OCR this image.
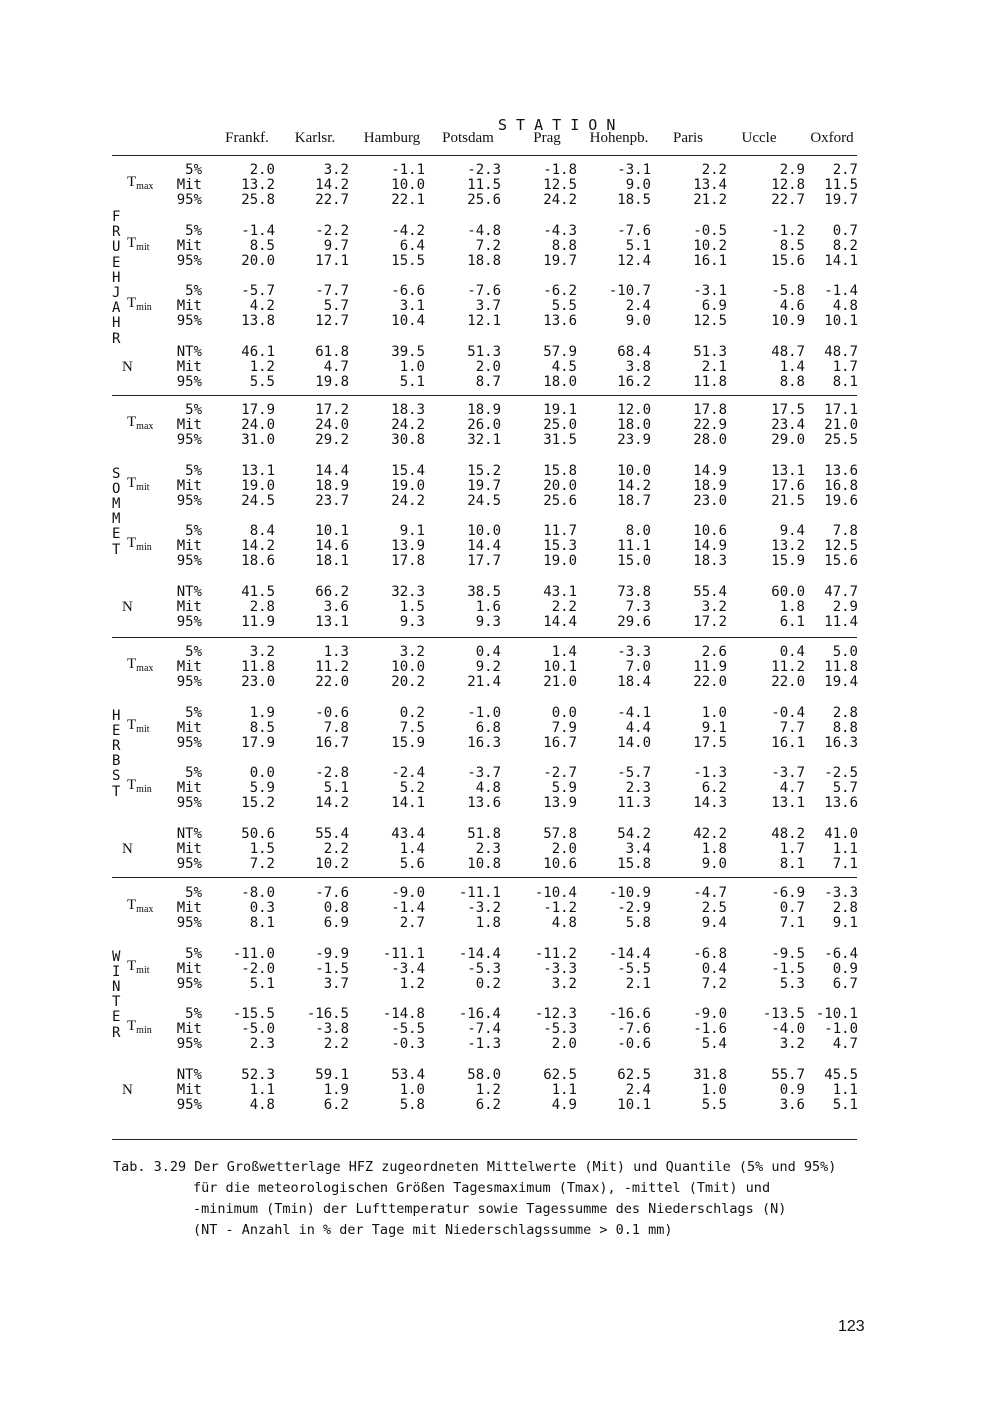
S T A T I O N
Frankf.	Karlsr.	Hamburg	Potsdam	Prag	Hohenpb.	Paris	Uccle	Oxford
$T_{max}$
5%	2.0	3.2	-1.1	-2.3	-1.8	-3.1	2.2	2.9	2.7
Mit	13.2	14.2	10.0	11.5	12.5	9.0	13.4	12.8	11.5
95%	25.8	22.7	22.1	25.6	24.2	18.5	21.2	22.7	19.7
$T_{mit}$
5%	-1.4	-2.2	-4.2	-4.8	-4.3	-7.6	-0.5	-1.2	0.7
Mit	8.5	9.7	6.4	7.2	8.8	5.1	10.2	8.5	8.2
95%	20.0	17.1	15.5	18.8	19.7	12.4	16.1	15.6	14.1
$T_{min}$
5%	-5.7	-7.7	-6.6	-7.6	-6.2	-10.7	-3.1	-5.8	-1.4
Mit	4.2	5.7	3.1	3.7	5.5	2.4	6.9	4.6	4.8
95%	13.8	12.7	10.4	12.1	13.6	9.0	12.5	10.9	10.1
N
NT%	46.1	61.8	39.5	51.3	57.9	68.4	51.3	48.7	48.7
Mit	1.2	4.7	1.0	2.0	4.5	3.8	2.1	1.4	1.7
95%	5.5	19.8	5.1	8.7	18.0	16.2	11.8	8.8	8.1
F
R
U
E
H
J
A
H
R
$T_{max}$
5%	17.9	17.2	18.3	18.9	19.1	12.0	17.8	17.5	17.1
Mit	24.0	24.0	24.2	26.0	25.0	18.0	22.9	23.4	21.0
95%	31.0	29.2	30.8	32.1	31.5	23.9	28.0	29.0	25.5
$T_{mit}$
5%	13.1	14.4	15.4	15.2	15.8	10.0	14.9	13.1	13.6
Mit	19.0	18.9	19.0	19.7	20.0	14.2	18.9	17.6	16.8
95%	24.5	23.7	24.2	24.5	25.6	18.7	23.0	21.5	19.6
$T_{min}$
5%	8.4	10.1	9.1	10.0	11.7	8.0	10.6	9.4	7.8
Mit	14.2	14.6	13.9	14.4	15.3	11.1	14.9	13.2	12.5
95%	18.6	18.1	17.8	17.7	19.0	15.0	18.3	15.9	15.6
N
NT%	41.5	66.2	32.3	38.5	43.1	73.8	55.4	60.0	47.7
Mit	2.8	3.6	1.5	1.6	2.2	7.3	3.2	1.8	2.9
95%	11.9	13.1	9.3	9.3	14.4	29.6	17.2	6.1	11.4
S
O
M
M
E
T
$T_{max}$
5%	3.2	1.3	3.2	0.4	1.4	-3.3	2.6	0.4	5.0
Mit	11.8	11.2	10.0	9.2	10.1	7.0	11.9	11.2	11.8
95%	23.0	22.0	20.2	21.4	21.0	18.4	22.0	22.0	19.4
$T_{mit}$
5%	1.9	-0.6	0.2	-1.0	0.0	-4.1	1.0	-0.4	2.8
Mit	8.5	7.8	7.5	6.8	7.9	4.4	9.1	7.7	8.8
95%	17.9	16.7	15.9	16.3	16.7	14.0	17.5	16.1	16.3
$T_{min}$
5%	0.0	-2.8	-2.4	-3.7	-2.7	-5.7	-1.3	-3.7	-2.5
Mit	5.9	5.1	5.2	4.8	5.9	2.3	6.2	4.7	5.7
95%	15.2	14.2	14.1	13.6	13.9	11.3	14.3	13.1	13.6
N
NT%	50.6	55.4	43.4	51.8	57.8	54.2	42.2	48.2	41.0
Mit	1.5	2.2	1.4	2.3	2.0	3.4	1.8	1.7	1.1
95%	7.2	10.2	5.6	10.8	10.6	15.8	9.0	8.1	7.1
H
E
R
B
S
T
$T_{max}$
5%	-8.0	-7.6	-9.0	-11.1	-10.4	-10.9	-4.7	-6.9	-3.3
Mit	0.3	0.8	-1.4	-3.2	-1.2	-2.9	2.5	0.7	2.8
95%	8.1	6.9	2.7	1.8	4.8	5.8	9.4	7.1	9.1
$T_{mit}$
5%	-11.0	-9.9	-11.1	-14.4	-11.2	-14.4	-6.8	-9.5	-6.4
Mit	-2.0	-1.5	-3.4	-5.3	-3.3	-5.5	0.4	-1.5	0.9
95%	5.1	3.7	1.2	0.2	3.2	2.1	7.2	5.3	6.7
$T_{min}$
5%	-15.5	-16.5	-14.8	-16.4	-12.3	-16.6	-9.0	-13.5 -10.1
Mit	-5.0	-3.8	-5.5	-7.4	-5.3	-7.6	-1.6	-4.0	-1.0
95%	2.3	2.2	-0.3	-1.3	2.0	-0.6	5.4	3.2	4.7
N
NT%	52.3	59.1	53.4	58.0	62.5	62.5	31.8	55.7	45.5
Mit	1.1	1.9	1.0	1.2	1.1	2.4	1.0	0.9	1.1
95%	4.8	6.2	5.8	6.2	4.9	10.1	5.5	3.6	5.1
W
I
N
T
E
R
Tab. 3.29 Der Großwetterlage HFZ zugeordneten Mittelwerte (Mit) und Quantile (5% und 95%)
für die meteorologischen Größen Tagesmaximum (Tmax), -mittel (Tmit) und
-minimum (Tmin) der Lufttemperatur sowie Tagessumme des Niederschlags (N)
(NT - Anzahl in % der Tage mit Niederschlagssumme > 0.1 mm)
123
